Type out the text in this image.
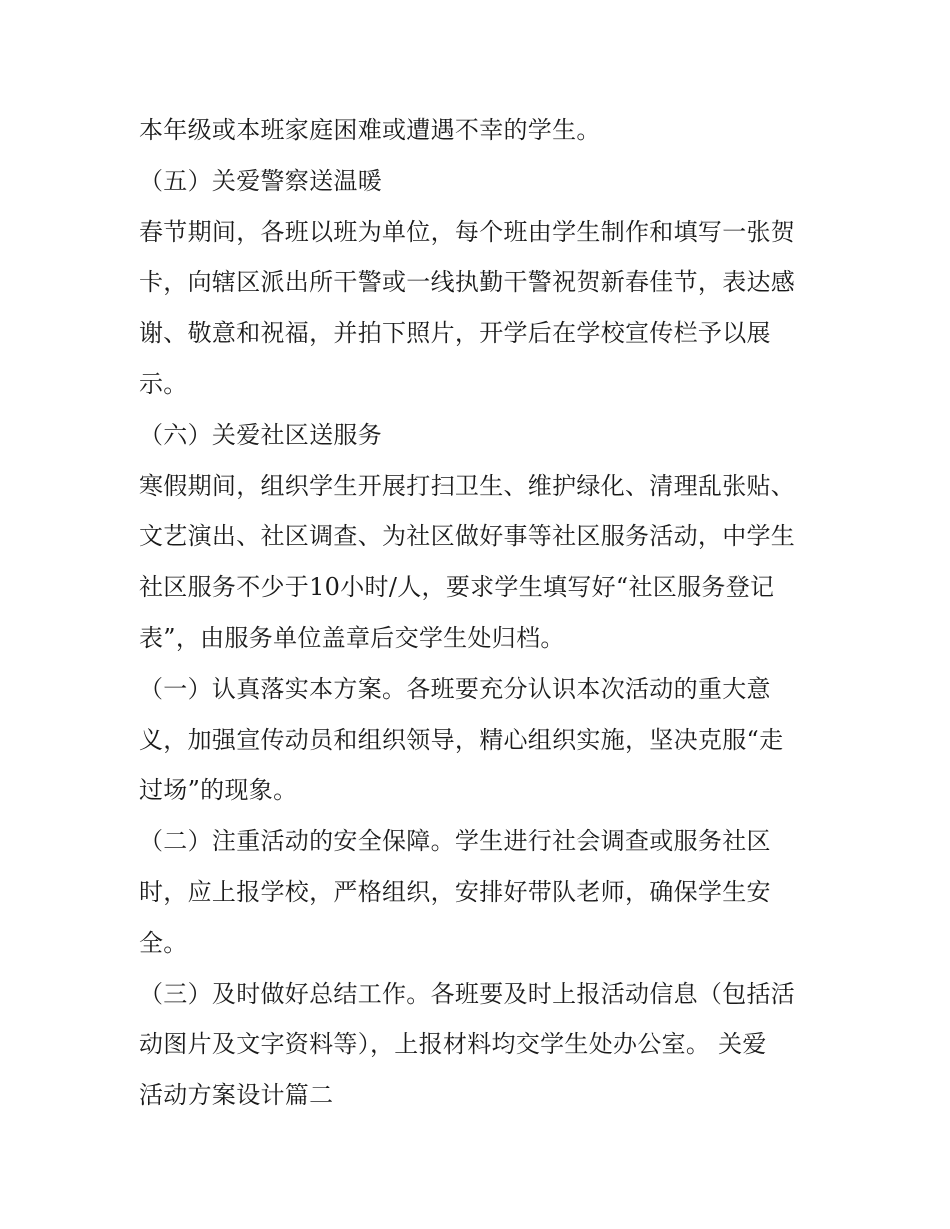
本年级或本班家庭困难或遭遇不幸的学生。
（五）关爱警察送温暖
春节期间，各班以班为单位，每个班由学生制作和填写一张贺
卡，向辖区派出所干警或一线执勤干警祝贺新春佳节，表达感
谢、敬意和祝福，并拍下照片，开学后在学校宣传栏予以展
示。
（六）关爱社区送服务
寒假期间，组织学生开展打扫卫生、维护绿化、清理乱张贴、
文艺演出、社区调查、为社区做好事等社区服务活动，中学生
社区服务不少于10小时/人，要求学生填写好“社区服务登记
表”，由服务单位盖章后交学生处归档。
（一）认真落实本方案。各班要充分认识本次活动的重大意
义，加强宣传动员和组织领导，精心组织实施，坚决克服“走
过场”的现象。
（二）注重活动的安全保障。学生进行社会调查或服务社区
时，应上报学校，严格组织，安排好带队老师，确保学生安
全。
（三）及时做好总结工作。各班要及时上报活动信息（包括活
动图片及文字资料等），上报材料均交学生处办公室。 关爱
活动方案设计篇二
